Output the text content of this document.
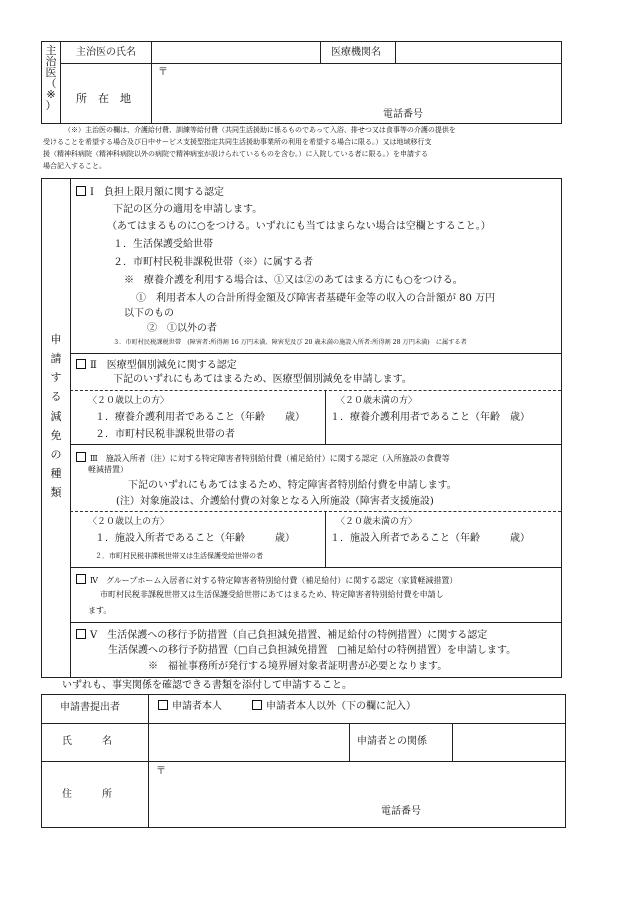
主
治
医
（
※
）
主治医の氏名	医療機関名
所　在　地
〒
電話番号
（※）主治医の欄は、介護給付費、訓練等給付費（共同生活援助に係るものであって入浴、排せつ又は食事等の介護の提供を
受けることを希望する場合及び日中サービス支援型指定共同生活援助事業所の利用を希望する場合に限る。）又は地域移行支
援（精神科病院（精神科病院以外の病院で精神病室が設けられているものを含む。）に入院している者に限る。）を申請する
場合記入すること。
申
請
す
る
減
免
の
種
類
Ⅰ　負担上限月額に関する認定
下記の区分の適用を申請します。
（あてはまるものに○をつける。いずれにも当てはまらない場合は空欄とすること。）
１．生活保護受給世帯
２．市町村民税非課税世帯（※）に属する者
※　療養介護を利用する場合は、①又は②のあてはまる方にも○をつける。
①　利用者本人の合計所得金額及び障害者基礎年金等の収入の合計額が 80 万円
以下のもの
②　①以外の者
３．市町村民税課税世帯　(障害者:所得割 16 万円未満、障害児及び 20 歳未満の施設入所者:所得割 28 万円未満)　に属する者
Ⅱ　医療型個別減免に関する認定
下記のいずれにもあてはまるため、医療型個別減免を申請します。
〈２０歳以上の方〉
１．療養介護利用者であること（年齢　　歳）
２．市町村民税非課税世帯の者
〈２０歳未満の方〉
１．療養介護利用者であること（年齢　歳）
Ⅲ　施設入所者（注）に対する特定障害者特別給付費（補足給付）に関する認定（入所施設の食費等
軽減措置）
下記のいずれにもあてはまるため、特定障害者特別給付費を申請します。
(注）対象施設は、介護給付費の対象となる入所施設（障害者支援施設)
〈２０歳以上の方〉
１．施設入所者であること（年齢　　　歳）
２．市町村民税非課税世帯又は生活保護受給世帯の者
〈２０歳未満の方〉
１．施設入所者であること（年齢　　　歳）
Ⅳ　グループホーム入居者に対する特定障害者特別給付費（補足給付）に関する認定（家賃軽減措置）
市町村民税非課税世帯又は生活保護受給世帯にあてはまるため、特定障害者特別給付費を申請し
ます。
Ⅴ　生活保護への移行予防措置（自己負担減免措置、補足給付の特例措置）に関する認定
生活保護への移行予防措置（□自己負担減免措置　□補足給付の特例措置）を申請します。
※　福祉事務所が発行する境界層対象者証明書が必要となります。
いずれも、事実関係を確認できる書類を添付して申請すること。
申請書提出者	申請者本人	申請者本人以外（下の欄に記入）
氏　　　名	申請者との関係
住　　　所
〒
電話番号
